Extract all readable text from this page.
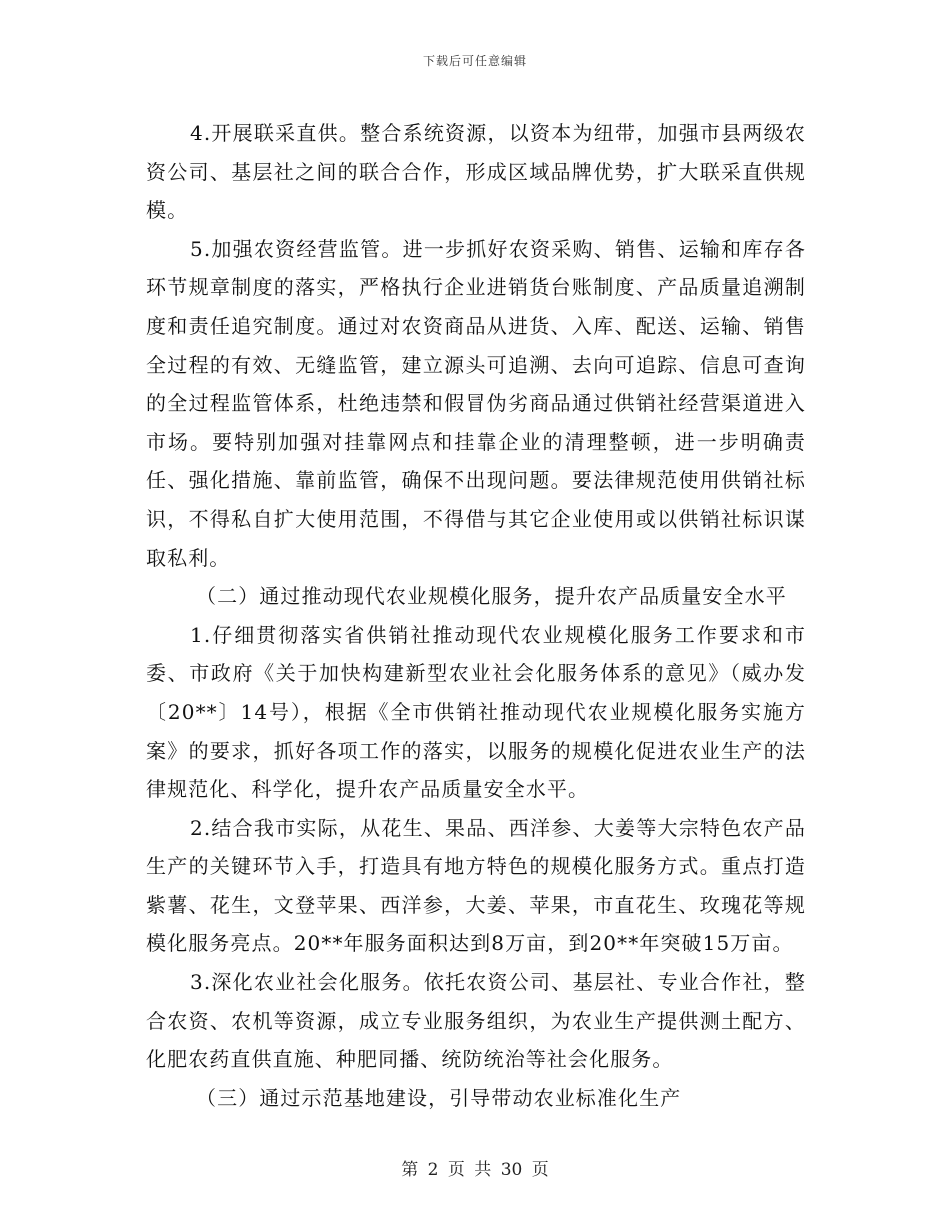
下载后可任意编辑

4.开展联采直供。整合系统资源，以资本为纽带，加强市县两级农资公司、基层社之间的联合合作，形成区域品牌优势，扩大联采直供规模。

5.加强农资经营监管。进一步抓好农资采购、销售、运输和库存各环节规章制度的落实，严格执行企业进销货台账制度、产品质量追溯制度和责任追究制度。通过对农资商品从进货、入库、配送、运输、销售全过程的有效、无缝监管，建立源头可追溯、去向可追踪、信息可查询的全过程监管体系，杜绝违禁和假冒伪劣商品通过供销社经营渠道进入市场。要特别加强对挂靠网点和挂靠企业的清理整顿，进一步明确责任、强化措施、靠前监管，确保不出现问题。要法律规范使用供销社标识，不得私自扩大使用范围，不得借与其它企业使用或以供销社标识谋取私利。

（二）通过推动现代农业规模化服务，提升农产品质量安全水平

1.仔细贯彻落实省供销社推动现代农业规模化服务工作要求和市委、市政府《关于加快构建新型农业社会化服务体系的意见》（威办发〔20**〕14号），根据《全市供销社推动现代农业规模化服务实施方案》的要求，抓好各项工作的落实，以服务的规模化促进农业生产的法律规范化、科学化，提升农产品质量安全水平。

2.结合我市实际，从花生、果品、西洋参、大姜等大宗特色农产品生产的关键环节入手，打造具有地方特色的规模化服务方式。重点打造紫薯、花生，文登苹果、西洋参，大姜、苹果，市直花生、玫瑰花等规模化服务亮点。20**年服务面积达到8万亩，到20**年突破15万亩。

3.深化农业社会化服务。依托农资公司、基层社、专业合作社，整合农资、农机等资源，成立专业服务组织，为农业生产提供测土配方、化肥农药直供直施、种肥同播、统防统治等社会化服务。

（三）通过示范基地建设，引导带动农业标准化生产

第 2 页 共 30 页
